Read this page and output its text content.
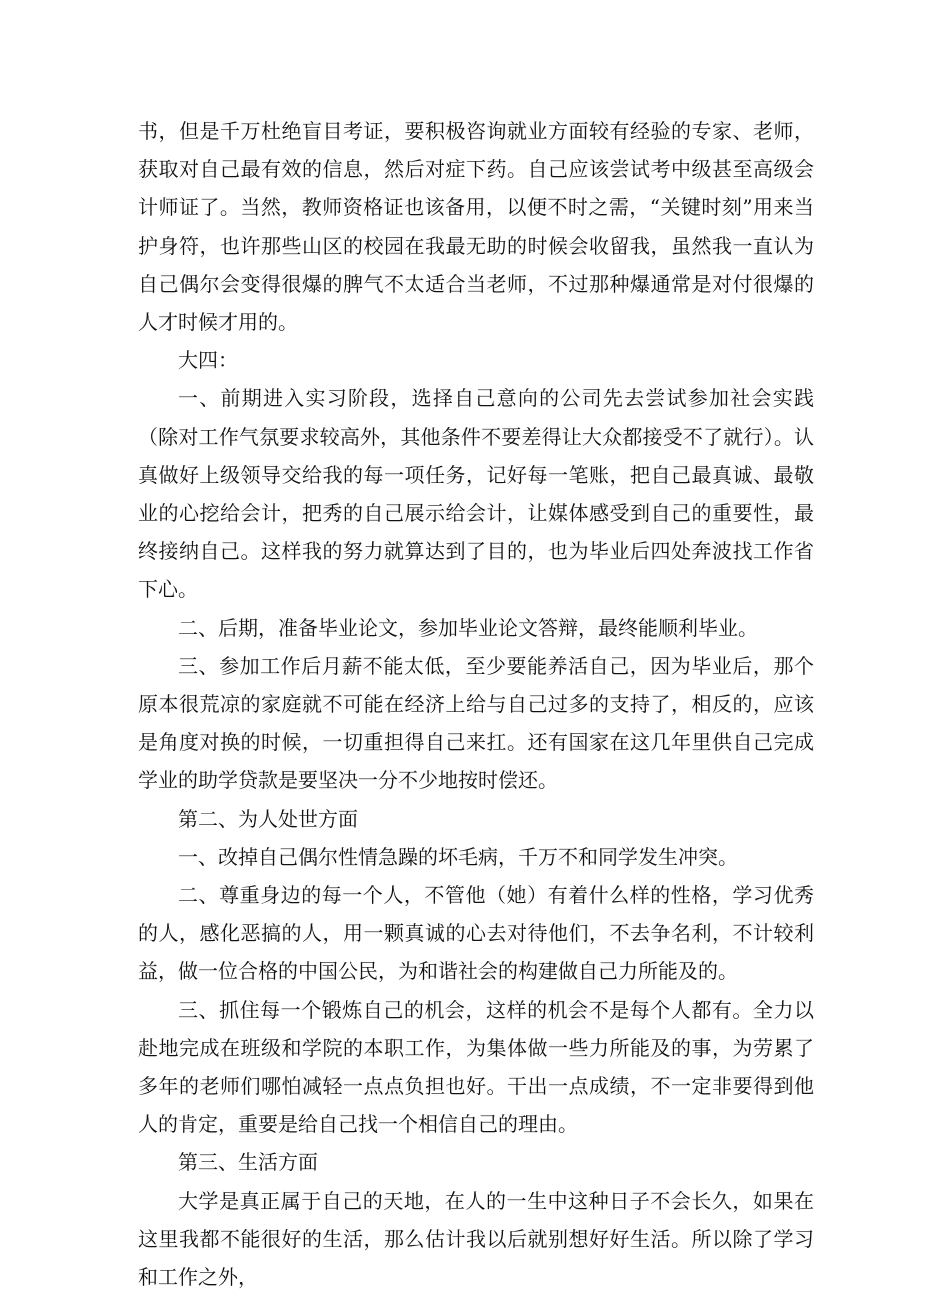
书，但是千万杜绝盲目考证，要积极咨询就业方面较有经验的专家、老师，获取对自己最有效的信息，然后对症下药。自己应该尝试考中级甚至高级会计师证了。当然，教师资格证也该备用，以便不时之需，“关键时刻”用来当护身符，也许那些山区的校园在我最无助的时候会收留我，虽然我一直认为自己偶尔会变得很爆的脾气不太适合当老师，不过那种爆通常是对付很爆的人才时候才用的。

大四：

一、前期进入实习阶段，选择自己意向的公司先去尝试参加社会实践（除对工作气氛要求较高外，其他条件不要差得让大众都接受不了就行）。认真做好上级领导交给我的每一项任务，记好每一笔账，把自己最真诚、最敬业的心挖给会计，把秀的自己展示给会计，让媒体感受到自己的重要性，最终接纳自己。这样我的努力就算达到了目的，也为毕业后四处奔波找工作省下心。

二、后期，准备毕业论文，参加毕业论文答辩，最终能顺利毕业。

三、参加工作后月薪不能太低，至少要能养活自己，因为毕业后，那个原本很荒凉的家庭就不可能在经济上给与自己过多的支持了，相反的，应该是角度对换的时候，一切重担得自己来扛。还有国家在这几年里供自己完成学业的助学贷款是要坚决一分不少地按时偿还。

第二、为人处世方面

一、改掉自己偶尔性情急躁的坏毛病，千万不和同学发生冲突。

二、尊重身边的每一个人，不管他（她）有着什么样的性格，学习优秀的人，感化恶搞的人，用一颗真诚的心去对待他们，不去争名利，不计较利益，做一位合格的中国公民，为和谐社会的构建做自己力所能及的。

三、抓住每一个锻炼自己的机会，这样的机会不是每个人都有。全力以赴地完成在班级和学院的本职工作，为集体做一些力所能及的事，为劳累了多年的老师们哪怕减轻一点点负担也好。干出一点成绩，不一定非要得到他人的肯定，重要是给自己找一个相信自己的理由。

第三、生活方面

大学是真正属于自己的天地，在人的一生中这种日子不会长久，如果在这里我都不能很好的生活，那么估计我以后就别想好好生活。所以除了学习和工作之外，
